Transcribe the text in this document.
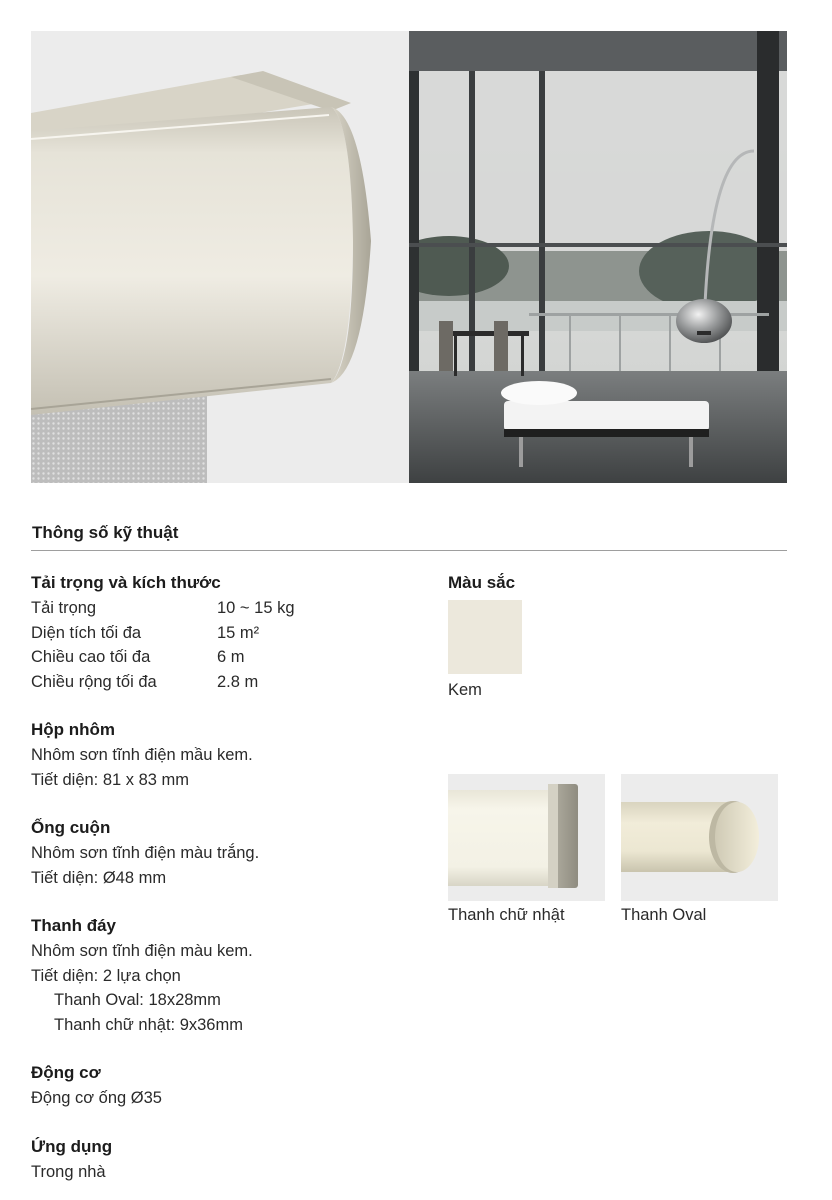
Thông số kỹ thuật
Tải trọng và kích thước
Tải trọng	10 ~ 15 kg
Diện tích tối đa	15 m²
Chiều cao tối đa	6 m
Chiều rộng tối đa	2.8 m
Hộp nhôm
Nhôm sơn tĩnh điện mầu kem.
Tiết diện: 81 x 83 mm
Ống cuộn
Nhôm sơn tĩnh điện màu trắng.
Tiết diện: Ø48 mm
Thanh đáy
Nhôm sơn tĩnh điện màu kem.
Tiết diện: 2 lựa chọn
Thanh Oval: 18x28mm
Thanh chữ nhật: 9x36mm
Động cơ
Động cơ ống Ø35
Ứng dụng
Trong nhà
Màu sắc
Kem
Thanh chữ nhật	Thanh Oval
